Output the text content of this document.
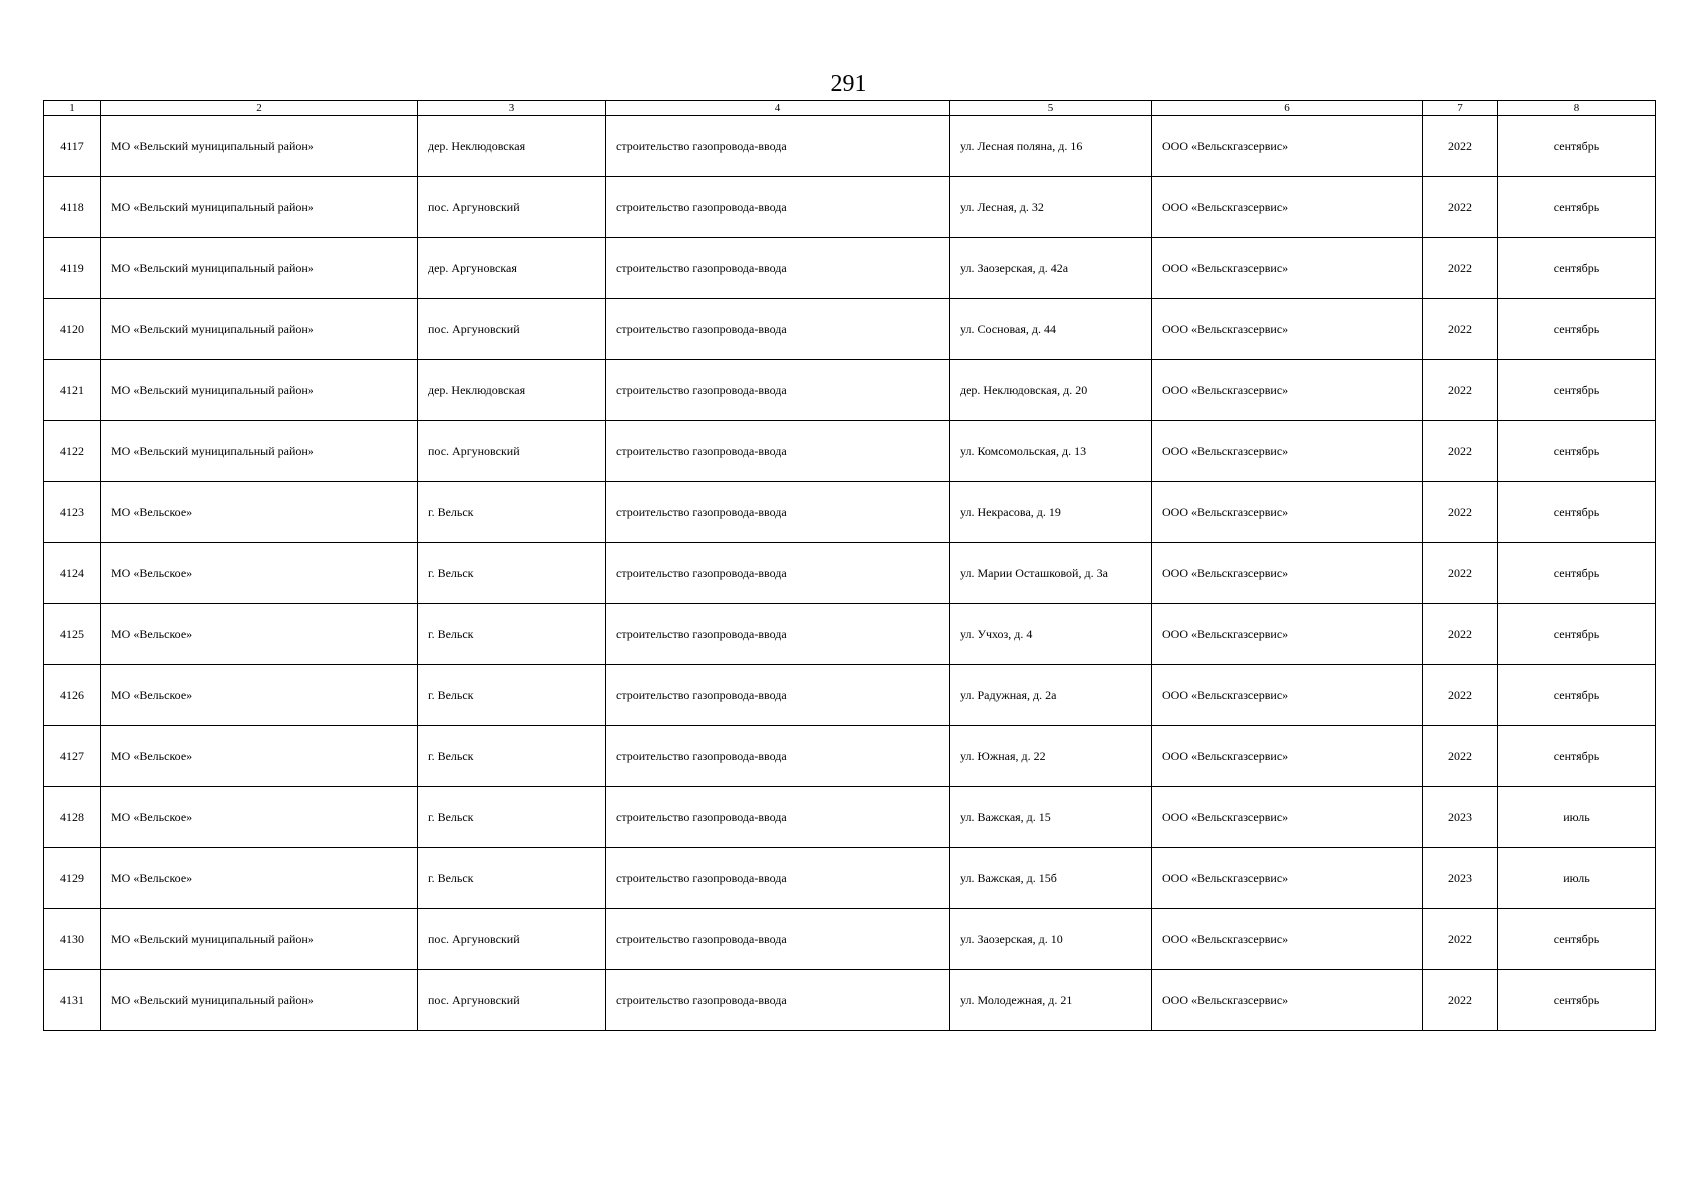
291
1	2	3	4	5	6	7	8
4117	МО «Вельский муниципальный район»	дер. Неклюдовская	строительство газопровода-ввода	ул. Лесная поляна, д. 16	ООО «Вельскгазсервис»	2022	сентябрь
4118	МО «Вельский муниципальный район»	пос. Аргуновский	строительство газопровода-ввода	ул. Лесная, д. 32	ООО «Вельскгазсервис»	2022	сентябрь
4119	МО «Вельский муниципальный район»	дер. Аргуновская	строительство газопровода-ввода	ул. Заозерская, д. 42а	ООО «Вельскгазсервис»	2022	сентябрь
4120	МО «Вельский муниципальный район»	пос. Аргуновский	строительство газопровода-ввода	ул. Сосновая, д. 44	ООО «Вельскгазсервис»	2022	сентябрь
4121	МО «Вельский муниципальный район»	дер. Неклюдовская	строительство газопровода-ввода	дер. Неклюдовская, д. 20	ООО «Вельскгазсервис»	2022	сентябрь
4122	МО «Вельский муниципальный район»	пос. Аргуновский	строительство газопровода-ввода	ул. Комсомольская, д. 13	ООО «Вельскгазсервис»	2022	сентябрь
4123	МО «Вельское»	г. Вельск	строительство газопровода-ввода	ул. Некрасова, д. 19	ООО «Вельскгазсервис»	2022	сентябрь
4124	МО «Вельское»	г. Вельск	строительство газопровода-ввода	ул. Марии Осташковой, д. 3а	ООО «Вельскгазсервис»	2022	сентябрь
4125	МО «Вельское»	г. Вельск	строительство газопровода-ввода	ул. Учхоз, д. 4	ООО «Вельскгазсервис»	2022	сентябрь
4126	МО «Вельское»	г. Вельск	строительство газопровода-ввода	ул. Радужная, д. 2а	ООО «Вельскгазсервис»	2022	сентябрь
4127	МО «Вельское»	г. Вельск	строительство газопровода-ввода	ул. Южная, д. 22	ООО «Вельскгазсервис»	2022	сентябрь
4128	МО «Вельское»	г. Вельск	строительство газопровода-ввода	ул. Важская, д. 15	ООО «Вельскгазсервис»	2023	июль
4129	МО «Вельское»	г. Вельск	строительство газопровода-ввода	ул. Важская, д. 15б	ООО «Вельскгазсервис»	2023	июль
4130	МО «Вельский муниципальный район»	пос. Аргуновский	строительство газопровода-ввода	ул. Заозерская, д. 10	ООО «Вельскгазсервис»	2022	сентябрь
4131	МО «Вельский муниципальный район»	пос. Аргуновский	строительство газопровода-ввода	ул. Молодежная, д. 21	ООО «Вельскгазсервис»	2022	сентябрь
